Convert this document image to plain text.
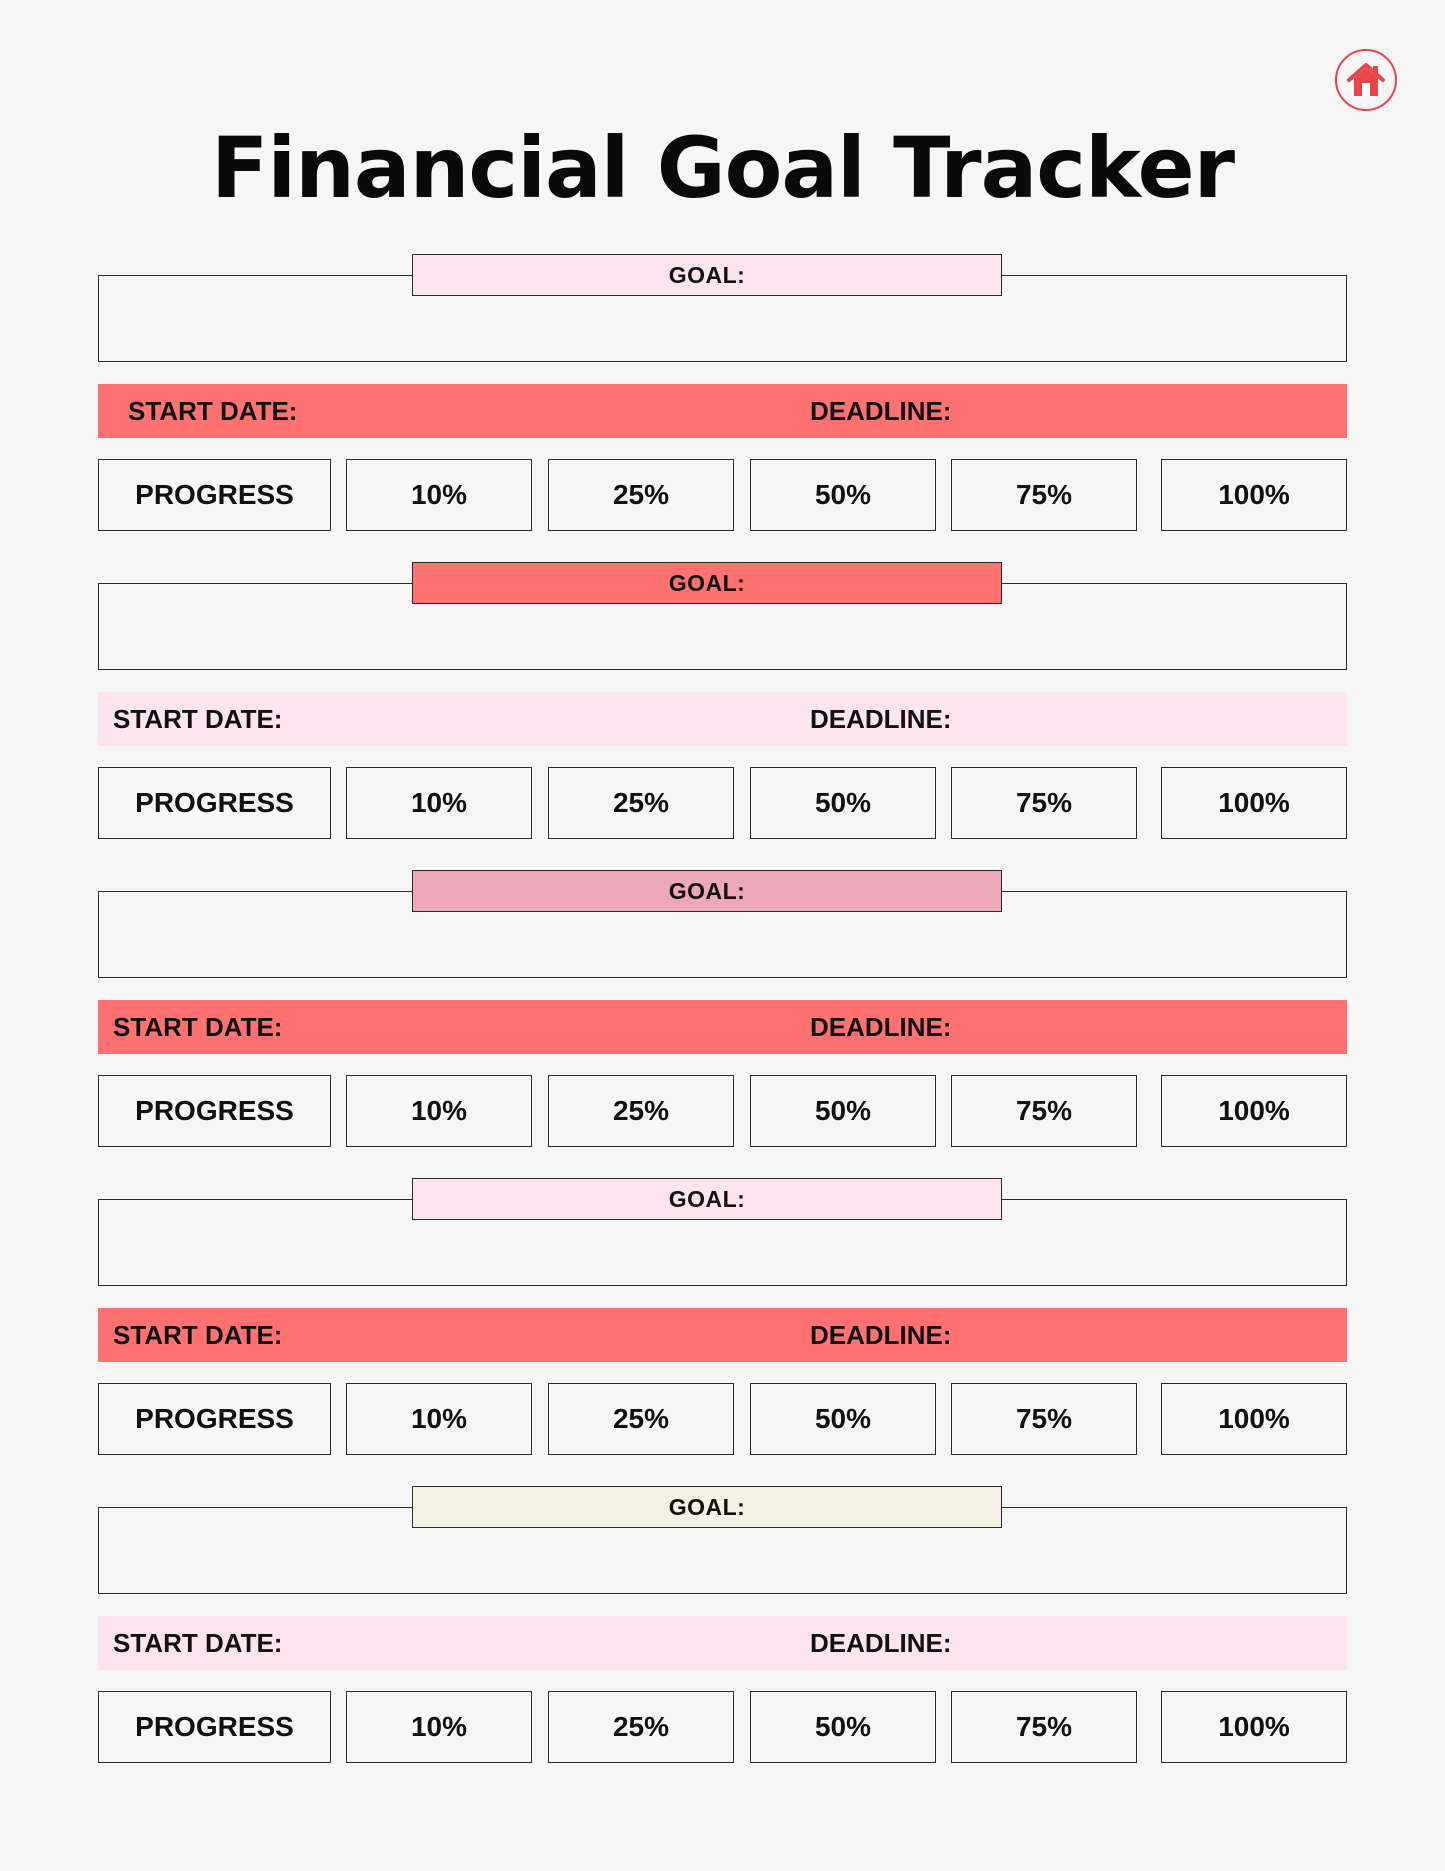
Financial Goal Tracker
GOAL:
START DATE:	DEADLINE:
PROGRESS	10%	25%	50%	75%	100%
GOAL:
START DATE:	DEADLINE:
PROGRESS	10%	25%	50%	75%	100%
GOAL:
START DATE:	DEADLINE:
PROGRESS	10%	25%	50%	75%	100%
GOAL:
START DATE:	DEADLINE:
PROGRESS	10%	25%	50%	75%	100%
GOAL:
START DATE:	DEADLINE:
PROGRESS	10%	25%	50%	75%	100%
